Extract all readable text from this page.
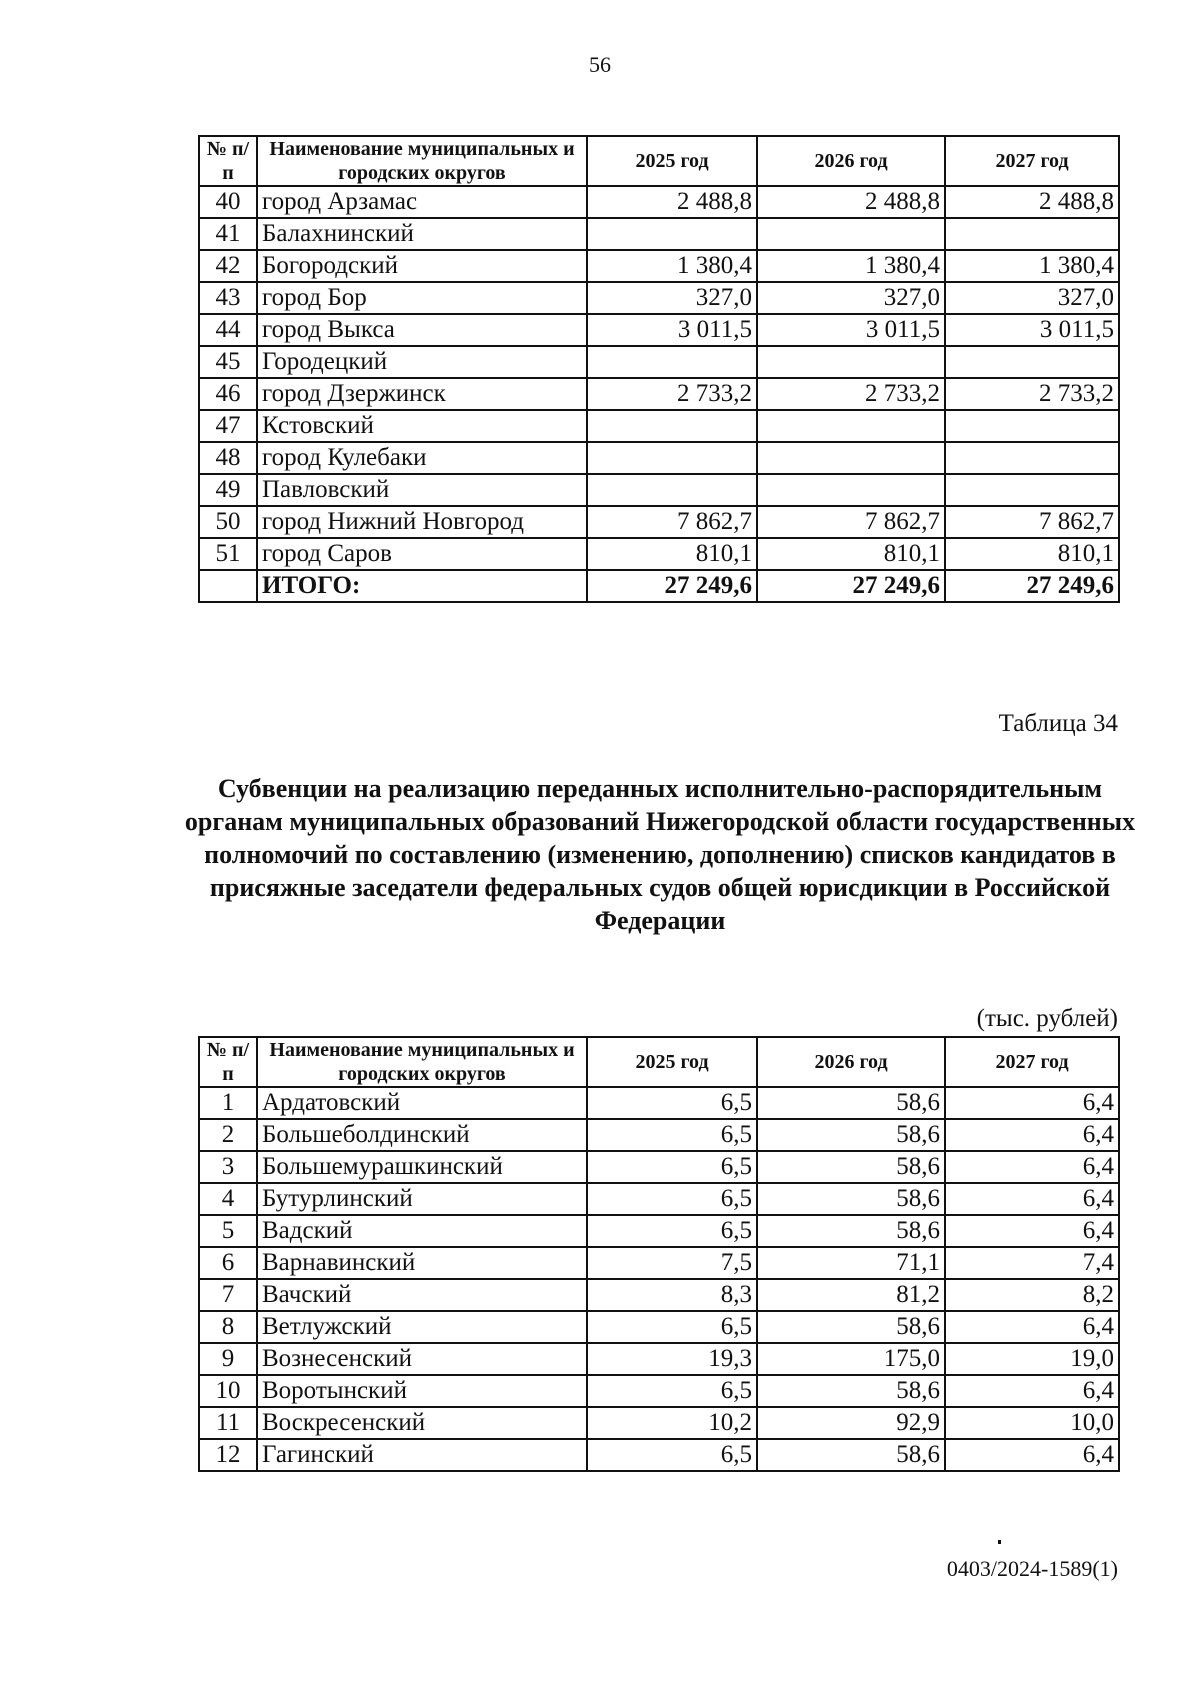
56
№ п/п	Наименование муниципальных и городских округов	2025 год	2026 год	2027 год
40	город Арзамас	2 488,8	2 488,8	2 488,8
41	Балахнинский			
42	Богородский	1 380,4	1 380,4	1 380,4
43	город Бор	327,0	327,0	327,0
44	город Выкса	3 011,5	3 011,5	3 011,5
45	Городецкий			
46	город Дзержинск	2 733,2	2 733,2	2 733,2
47	Кстовский			
48	город Кулебаки			
49	Павловский			
50	город Нижний Новгород	7 862,7	7 862,7	7 862,7
51	город Саров	810,1	810,1	810,1
	ИТОГО:	27 249,6	27 249,6	27 249,6
Таблица 34
Субвенции на реализацию переданных исполнительно-распорядительным органам муниципальных образований Нижегородской области государственных полномочий по составлению (изменению, дополнению) списков кандидатов в присяжные заседатели федеральных судов общей юрисдикции в Российской Федерации
(тыс. рублей)
№ п/п	Наименование муниципальных и городских округов	2025 год	2026 год	2027 год
1	Ардатовский	6,5	58,6	6,4
2	Большеболдинский	6,5	58,6	6,4
3	Большемурашкинский	6,5	58,6	6,4
4	Бутурлинский	6,5	58,6	6,4
5	Вадский	6,5	58,6	6,4
6	Варнавинский	7,5	71,1	7,4
7	Вачский	8,3	81,2	8,2
8	Ветлужский	6,5	58,6	6,4
9	Вознесенский	19,3	175,0	19,0
10	Воротынский	6,5	58,6	6,4
11	Воскресенский	10,2	92,9	10,0
12	Гагинский	6,5	58,6	6,4
0403/2024-1589(1)
